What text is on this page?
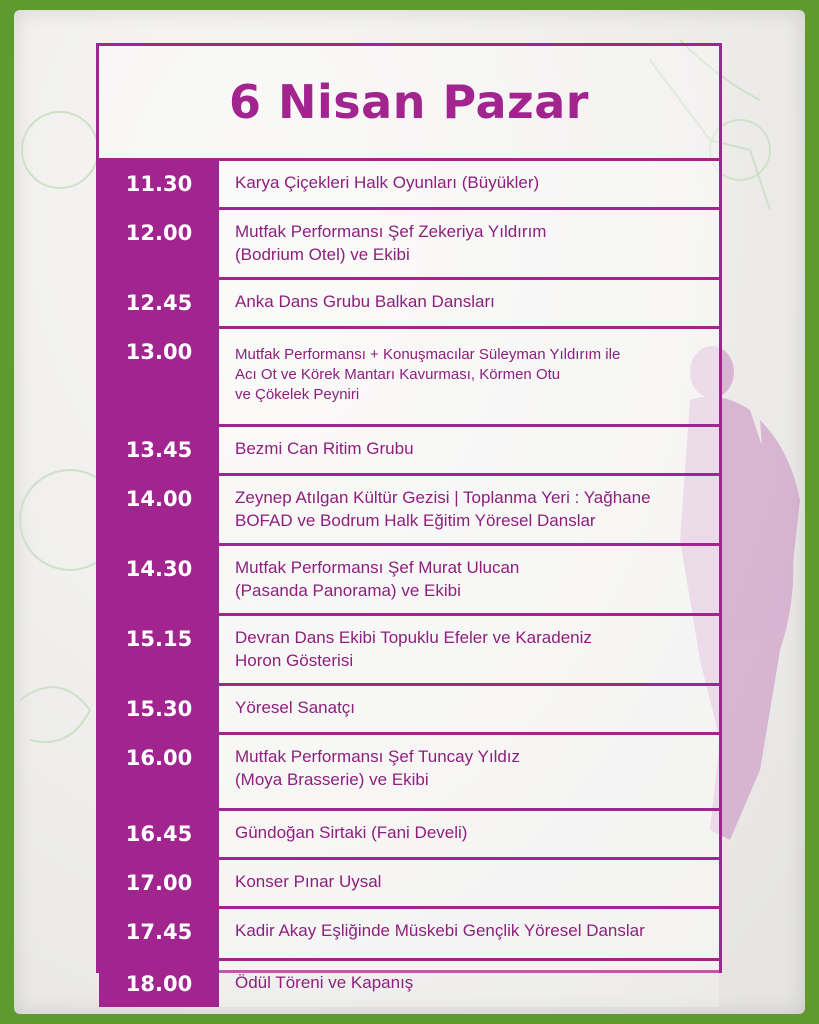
6 Nisan Pazar
11.30	Karya Çiçekleri Halk Oyunları (Büyükler)
12.00	Mutfak Performansı Şef Zekeriya Yıldırım
(Bodrium Otel) ve Ekibi
12.45	Anka Dans Grubu Balkan Dansları
13.00	Mutfak Performansı + Konuşmacılar Süleyman Yıldırım ile
Acı Ot ve Körek Mantarı Kavurması, Körmen Otu
ve Çökelek Peyniri
13.45	Bezmi Can Ritim Grubu
14.00	Zeynep Atılgan Kültür Gezisi | Toplanma Yeri : Yağhane
BOFAD ve Bodrum Halk Eğitim Yöresel Danslar
14.30	Mutfak Performansı Şef Murat Ulucan
(Pasanda Panorama) ve Ekibi
15.15	Devran Dans Ekibi Topuklu Efeler ve Karadeniz
Horon Gösterisi
15.30	Yöresel Sanatçı
16.00	Mutfak Performansı Şef Tuncay Yıldız
(Moya Brasserie) ve Ekibi
16.45	Gündoğan Sirtaki (Fani Develi)
17.00	Konser Pınar Uysal
17.45	Kadir Akay Eşliğinde Müskebi Gençlik Yöresel Danslar
18.00	Ödül Töreni ve Kapanış
